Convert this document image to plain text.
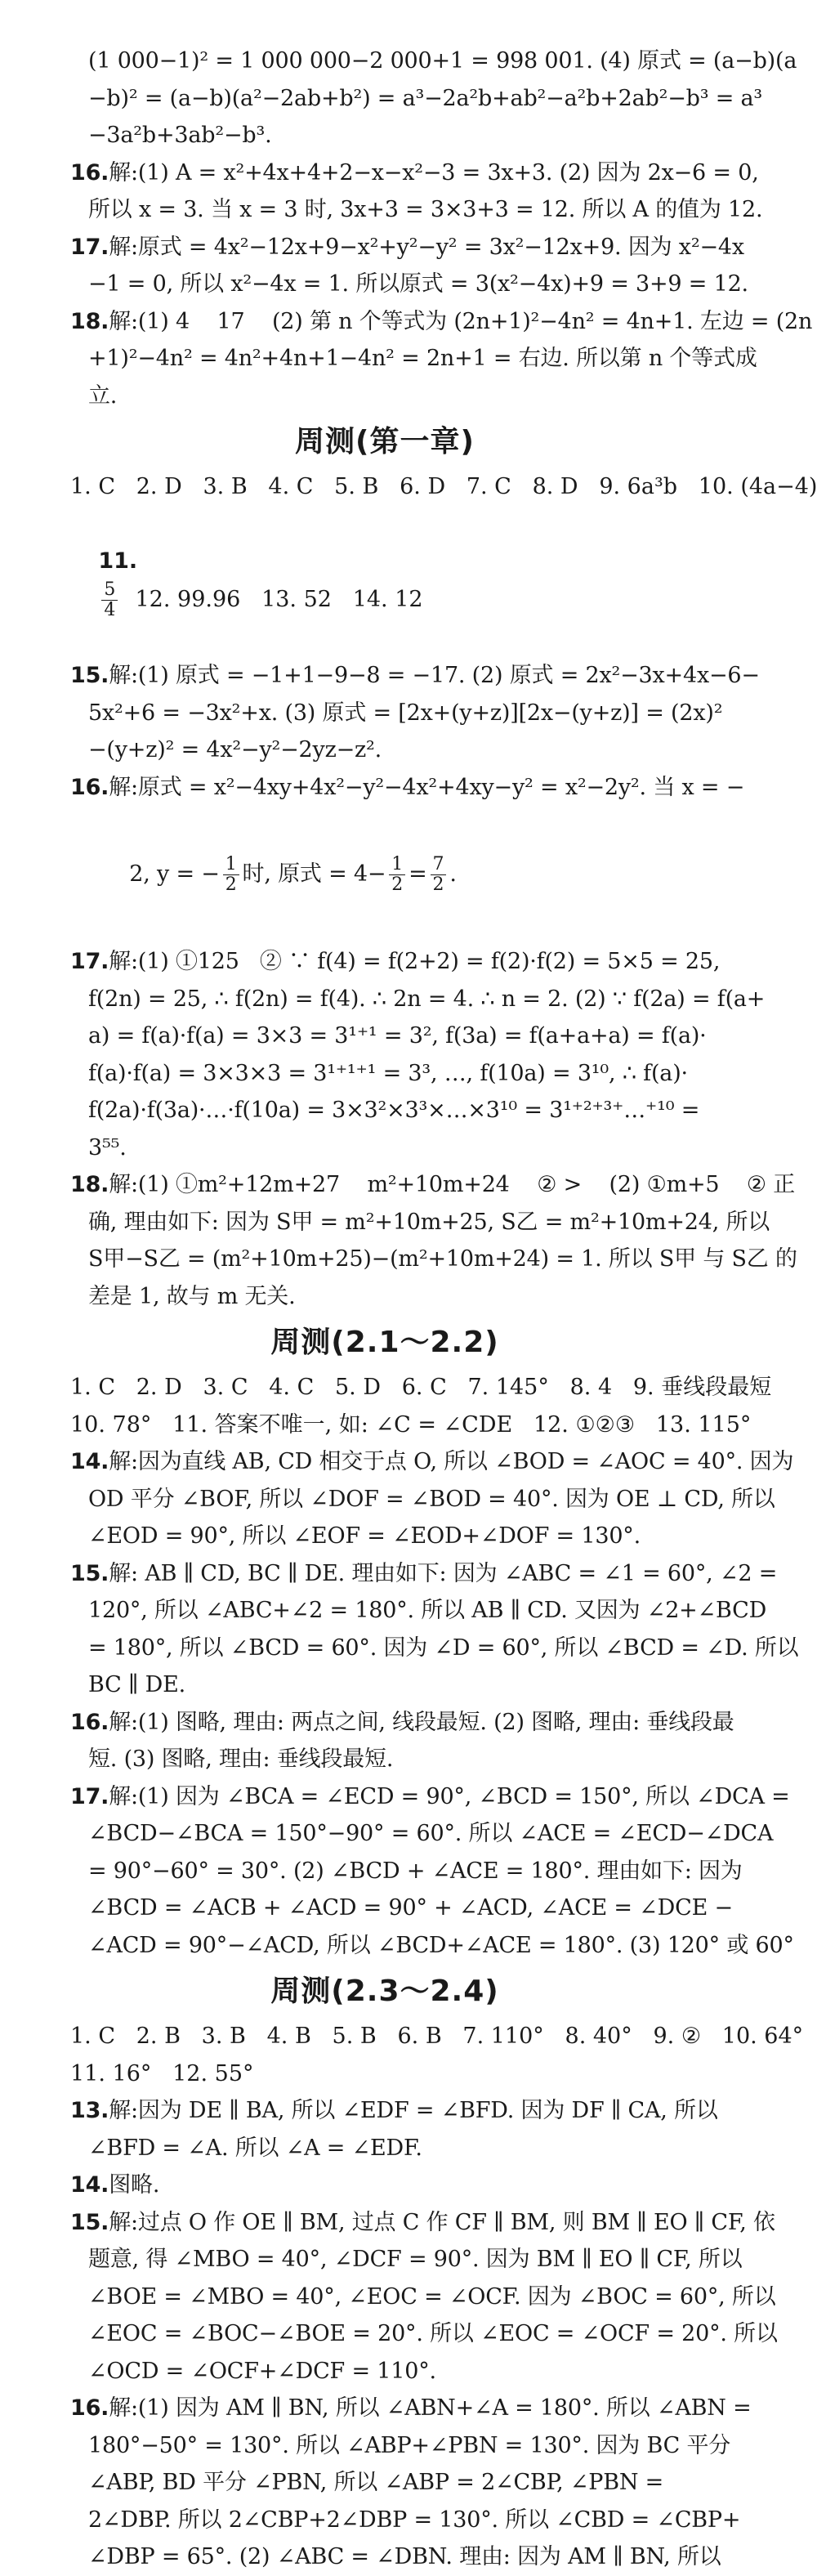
(1 000−1)² = 1 000 000−2 000+1 = 998 001. (4) 原式 = (a−b)(a
−b)² = (a−b)(a²−2ab+b²) = a³−2a²b+ab²−a²b+2ab²−b³ = a³
−3a²b+3ab²−b³.
16.解:(1) A = x²+4x+4+2−x−x²−3 = 3x+3. (2) 因为 2x−6 = 0,
所以 x = 3. 当 x = 3 时, 3x+3 = 3×3+3 = 12. 所以 A 的值为 12.
17.解:原式 = 4x²−12x+9−x²+y²−y² = 3x²−12x+9. 因为 x²−4x
−1 = 0, 所以 x²−4x = 1. 所以原式 = 3(x²−4x)+9 = 3+9 = 12.
18.解:(1) 4    17    (2) 第 n 个等式为 (2n+1)²−4n² = 4n+1. 左边 = (2n
+1)²−4n² = 4n²+4n+1−4n² = 2n+1 = 右边. 所以第 n 个等式成
立.
周测(第一章)
1. C   2. D   3. B   4. C   5. B   6. D   7. C   8. D   9. 6a³b   10. (4a−4)

11.

$\frac{5}{4} 12$. 99.96   13. 52   14. 12

15.解:(1) 原式 = −1+1−9−8 = −17. (2) 原式 = 2x²−3x+4x−6−
5x²+6 = −3x²+x. (3) 原式 = [2x+(y+z)][2x−(y+z)] = (2x)²
−(y+z)² = 4x²−y²−2yz−z².
16.解:原式 = x²−4xy+4x²−y²−4x²+4xy−y² = x²−2y². 当 x = −

2, y = − $\frac{1}{2}$ 时, 原式 = $4- \frac{1}{2} = \frac{7}{2}$ .

17.解:(1) ①125   ② ∵ f(4) = f(2+2) = f(2)·f(2) = 5×5 = 25,
f(2n) = 25, ∴ f(2n) = f(4). ∴ 2n = 4. ∴ n = 2. (2) ∵ f(2a) = f(a+
a) = f(a)·f(a) = 3×3 = 3¹⁺¹ = 3², f(3a) = f(a+a+a) = f(a)·
f(a)·f(a) = 3×3×3 = 3¹⁺¹⁺¹ = 3³, …, f(10a) = 3¹⁰, ∴ f(a)·
f(2a)·f(3a)·…·f(10a) = 3×3²×3³×…×3¹⁰ = 3¹⁺²⁺³⁺…⁺¹⁰ =
3⁵⁵.
18.解:(1) ①m²+12m+27    m²+10m+24    ② >    (2) ①m+5    ② 正
确, 理由如下: 因为 S甲 = m²+10m+25, S乙 = m²+10m+24, 所以
S甲−S乙 = (m²+10m+25)−(m²+10m+24) = 1. 所以 S甲 与 S乙 的
差是 1, 故与 m 无关.
周测(2.1～2.2)
1. C   2. D   3. C   4. C   5. D   6. C   7. 145°   8. 4   9. 垂线段最短
10. 78°   11. 答案不唯一, 如: ∠C = ∠CDE   12. ①②③   13. 115°
14.解:因为直线 AB, CD 相交于点 O, 所以 ∠BOD = ∠AOC = 40°. 因为
OD 平分 ∠BOF, 所以 ∠DOF = ∠BOD = 40°. 因为 OE ⊥ CD, 所以
∠EOD = 90°, 所以 ∠EOF = ∠EOD+∠DOF = 130°.
15.解: AB ∥ CD, BC ∥ DE. 理由如下: 因为 ∠ABC = ∠1 = 60°, ∠2 =
120°, 所以 ∠ABC+∠2 = 180°. 所以 AB ∥ CD. 又因为 ∠2+∠BCD
= 180°, 所以 ∠BCD = 60°. 因为 ∠D = 60°, 所以 ∠BCD = ∠D. 所以
BC ∥ DE.
16.解:(1) 图略, 理由: 两点之间, 线段最短. (2) 图略, 理由: 垂线段最
短. (3) 图略, 理由: 垂线段最短.
17.解:(1) 因为 ∠BCA = ∠ECD = 90°, ∠BCD = 150°, 所以 ∠DCA =
∠BCD−∠BCA = 150°−90° = 60°. 所以 ∠ACE = ∠ECD−∠DCA
= 90°−60° = 30°. (2) ∠BCD + ∠ACE = 180°. 理由如下: 因为
∠BCD = ∠ACB + ∠ACD = 90° + ∠ACD, ∠ACE = ∠DCE −
∠ACD = 90°−∠ACD, 所以 ∠BCD+∠ACE = 180°. (3) 120° 或 60°
周测(2.3～2.4)
1. C   2. B   3. B   4. B   5. B   6. B   7. 110°   8. 40°   9. ②   10. 64°
11. 16°   12. 55°
13.解:因为 DE ∥ BA, 所以 ∠EDF = ∠BFD. 因为 DF ∥ CA, 所以
∠BFD = ∠A. 所以 ∠A = ∠EDF.
14.图略.
15.解:过点 O 作 OE ∥ BM, 过点 C 作 CF ∥ BM, 则 BM ∥ EO ∥ CF, 依
题意, 得 ∠MBO = 40°, ∠DCF = 90°. 因为 BM ∥ EO ∥ CF, 所以
∠BOE = ∠MBO = 40°, ∠EOC = ∠OCF. 因为 ∠BOC = 60°, 所以
∠EOC = ∠BOC−∠BOE = 20°. 所以 ∠EOC = ∠OCF = 20°. 所以
∠OCD = ∠OCF+∠DCF = 110°.
16.解:(1) 因为 AM ∥ BN, 所以 ∠ABN+∠A = 180°. 所以 ∠ABN =
180°−50° = 130°. 所以 ∠ABP+∠PBN = 130°. 因为 BC 平分
∠ABP, BD 平分 ∠PBN, 所以 ∠ABP = 2∠CBP, ∠PBN =
2∠DBP. 所以 2∠CBP+2∠DBP = 130°. 所以 ∠CBD = ∠CBP+
∠DBP = 65°. (2) ∠ABC = ∠DBN. 理由: 因为 AM ∥ BN, 所以
